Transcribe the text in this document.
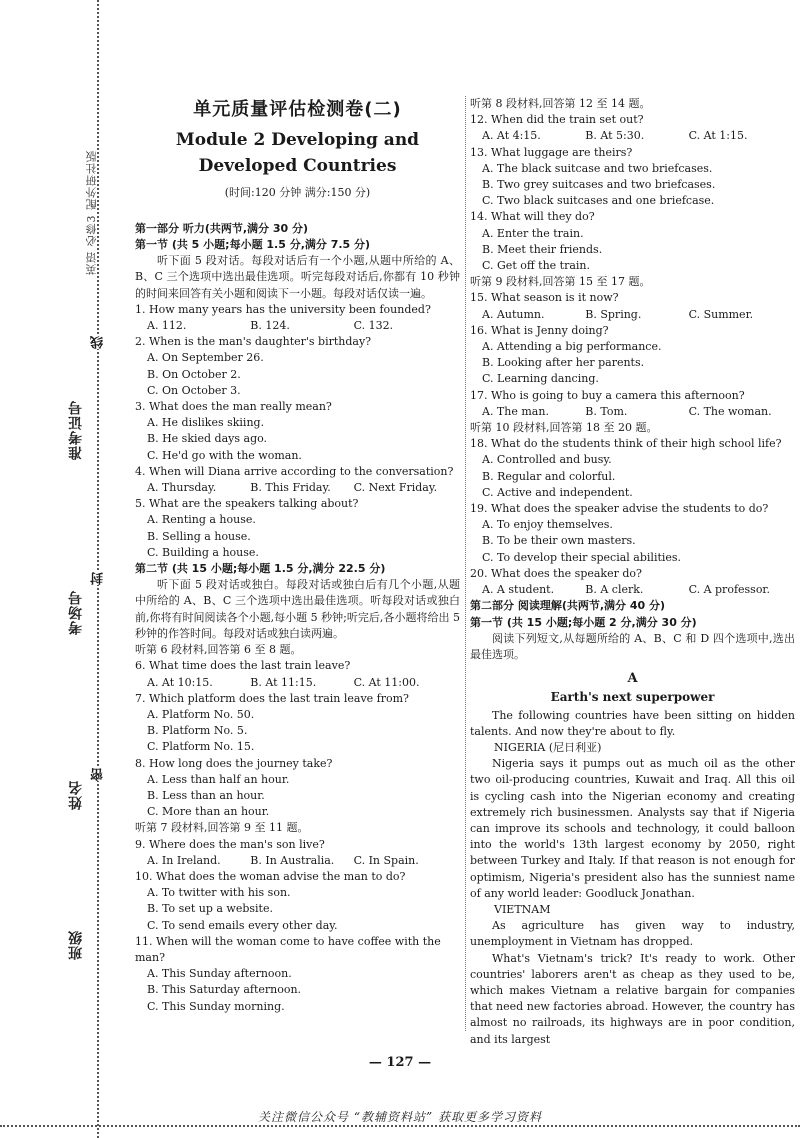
英语 必修3 配外研社版
班级
姓名
考场号
准考证号
线
封
密
单元质量评估检测卷(二)
Module 2 Developing and
Developed Countries
(时间:120 分钟 满分:150 分)
第一部分 听力(共两节,满分 30 分)
第一节 (共 5 小题;每小题 1.5 分,满分 7.5 分)

听下面 5 段对话。每段对话后有一个小题,从题中所给的 A、B、C 三个选项中选出最佳选项。听完每段对话后,你都有 10 秒钟的时间来回答有关小题和阅读下一小题。每段对话仅读一遍。

1. How many years has the university been founded?

A. 112.	B. 124.	C. 132.

2. When is the man's daughter's birthday?

A. On September 26.

B. On October 2.

C. On October 3.

3. What does the man really mean?

A. He dislikes skiing.

B. He skied days ago.

C. He'd go with the woman.

4. When will Diana arrive according to the conversation?

A. Thursday.	B. This Friday.	C. Next Friday.

5. What are the speakers talking about?

A. Renting a house.

B. Selling a house.

C. Building a house.

第二节 (共 15 小题;每小题 1.5 分,满分 22.5 分)

听下面 5 段对话或独白。每段对话或独白后有几个小题,从题中所给的 A、B、C 三个选项中选出最佳选项。听每段对话或独白前,你将有时间阅读各个小题,每小题 5 秒钟;听完后,各小题将给出 5 秒钟的作答时间。每段对话或独白读两遍。

听第 6 段材料,回答第 6 至 8 题。

6. What time does the last train leave?

A. At 10:15.	B. At 11:15.	C. At 11:00.

7. Which platform does the last train leave from?

A. Platform No. 50.

B. Platform No. 5.

C. Platform No. 15.

8. How long does the journey take?

A. Less than half an hour.

B. Less than an hour.

C. More than an hour.

听第 7 段材料,回答第 9 至 11 题。

9. Where does the man's son live?

A. In Ireland.	B. In Australia.	C. In Spain.

10. What does the woman advise the man to do?

A. To twitter with his son.

B. To set up a website.

C. To send emails every other day.

11. When will the woman come to have coffee with the man?

A. This Sunday afternoon.

B. This Saturday afternoon.

C. This Sunday morning.

听第 8 段材料,回答第 12 至 14 题。

12. When did the train set out?

A. At 4:15.	B. At 5:30.	C. At 1:15.

13. What luggage are theirs?

A. The black suitcase and two briefcases.

B. Two grey suitcases and two briefcases.

C. Two black suitcases and one briefcase.

14. What will they do?

A. Enter the train.

B. Meet their friends.

C. Get off the train.

听第 9 段材料,回答第 15 至 17 题。

15. What season is it now?

A. Autumn.	B. Spring.	C. Summer.

16. What is Jenny doing?

A. Attending a big performance.

B. Looking after her parents.

C. Learning dancing.

17. Who is going to buy a camera this afternoon?

A. The man.	B. Tom.	C. The woman.

听第 10 段材料,回答第 18 至 20 题。

18. What do the students think of their high school life?

A. Controlled and busy.

B. Regular and colorful.

C. Active and independent.

19. What does the speaker advise the students to do?

A. To enjoy themselves.

B. To be their own masters.

C. To develop their special abilities.

20. What does the speaker do?

A. A student.	B. A clerk.	C. A professor.
第二部分 阅读理解(共两节,满分 40 分)
第一节 (共 15 小题;每小题 2 分,满分 30 分)

阅读下列短文,从每题所给的 A、B、C 和 D 四个选项中,选出最佳选项。

A
Earth's next superpower

The following countries have been sitting on hidden talents. And now they're about to fly.

NIGERIA (尼日利亚)

Nigeria says it pumps out as much oil as the other two oil-producing countries, Kuwait and Iraq. All this oil is cycling cash into the Nigerian economy and creating extremely rich businessmen. Analysts say that if Nigeria can improve its schools and technology, it could balloon into the world's 13th largest economy by 2050, right between Turkey and Italy. If that reason is not enough for optimism, Nigeria's president also has the sunniest name of any world leader: Goodluck Jonathan.

VIETNAM

As agriculture has given way to industry, unemployment in Vietnam has dropped.

What's Vietnam's trick? It's ready to work. Other countries' laborers aren't as cheap as they used to be, which makes Vietnam a relative bargain for companies that need new factories abroad. However, the country has almost no railroads, its highways are in poor condition, and its largest

— 127 —
关注微信公众号 “教辅资料站” 获取更多学习资料
